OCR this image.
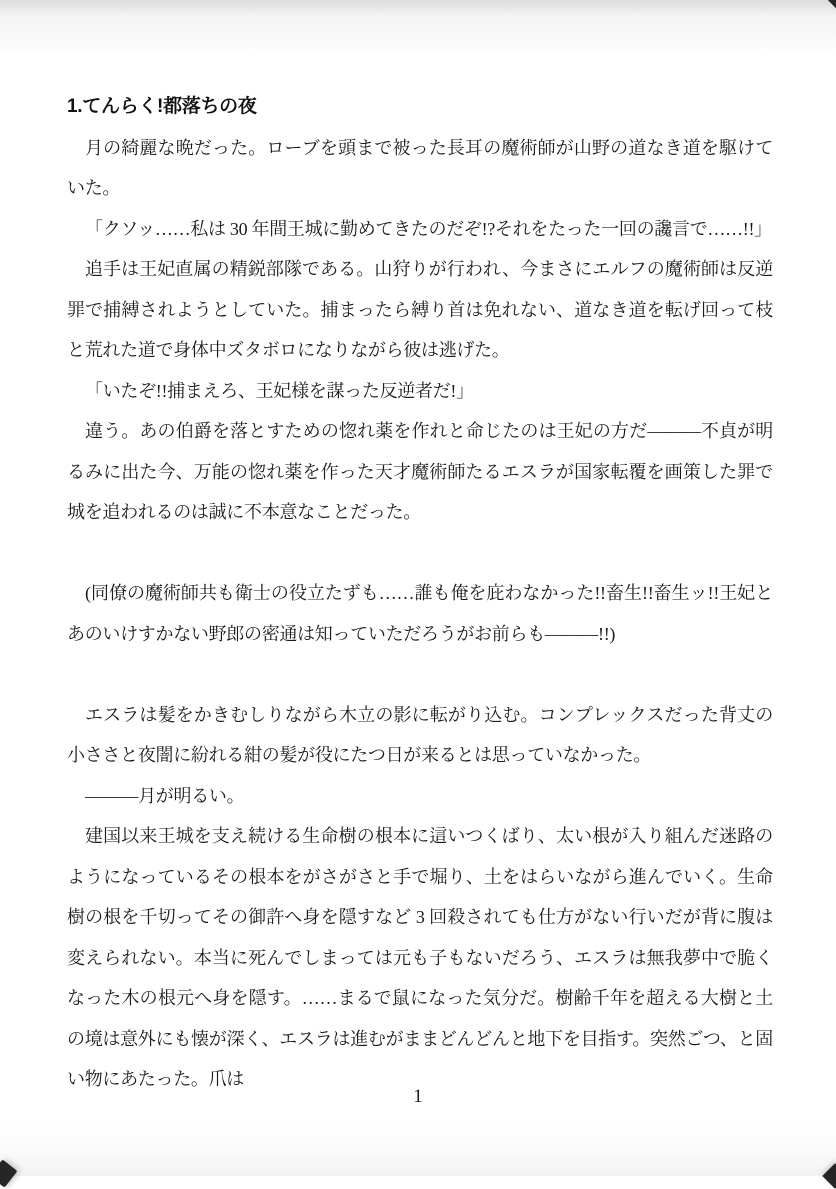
1.てんらく!都落ちの夜

月の綺麗な晩だった。ローブを頭まで被った長耳の魔術師が山野の道なき道を駆けていた。

「クソッ……私は 30 年間王城に勤めてきたのだぞ!?それをたった一回の讒言で……!!」

追手は王妃直属の精鋭部隊である。山狩りが行われ、今まさにエルフの魔術師は反逆罪で捕縛されようとしていた。捕まったら縛り首は免れない、道なき道を転げ回って枝と荒れた道で身体中ズタボロになりながら彼は逃げた。

「いたぞ!!捕まえろ、王妃様を謀った反逆者だ!」

違う。あの伯爵を落とすための惚れ薬を作れと命じたのは王妃の方だ―――不貞が明るみに出た今、万能の惚れ薬を作った天才魔術師たるエスラが国家転覆を画策した罪で城を追われるのは誠に不本意なことだった。

(同僚の魔術師共も衛士の役立たずも……誰も俺を庇わなかった!!畜生!!畜生ッ!!王妃とあのいけすかない野郎の密通は知っていただろうがお前らも―――!!)

エスラは髪をかきむしりながら木立の影に転がり込む。コンプレックスだった背丈の小ささと夜闇に紛れる紺の髪が役にたつ日が来るとは思っていなかった。

―――月が明るい。

建国以来王城を支え続ける生命樹の根本に這いつくばり、太い根が入り組んだ迷路のようになっているその根本をがさがさと手で堀り、土をはらいながら進んでいく。生命樹の根を千切ってその御許へ身を隠すなど 3 回殺されても仕方がない行いだが背に腹は変えられない。本当に死んでしまっては元も子もないだろう、エスラは無我夢中で脆くなった木の根元へ身を隠す。……まるで鼠になった気分だ。樹齢千年を超える大樹と土の境は意外にも懐が深く、エスラは進むがままどんどんと地下を目指す。突然ごつ、と固い物にあたった。爪は

1
